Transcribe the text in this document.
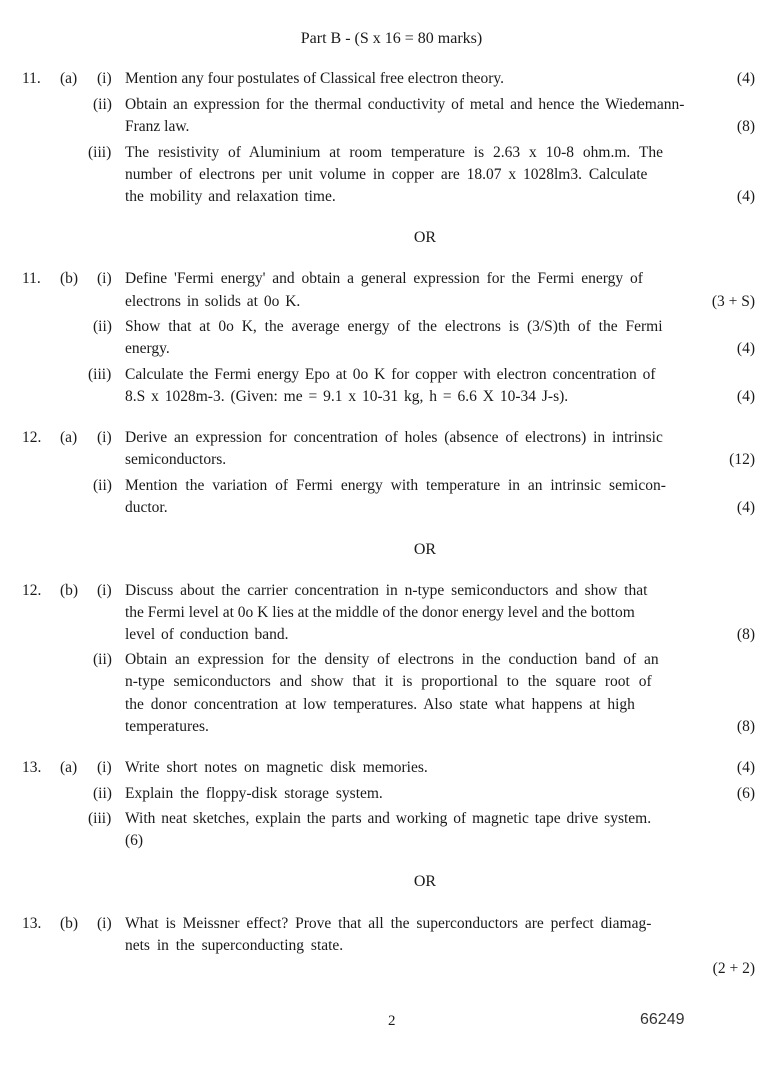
Part B - (S x 16 = 80 marks)
11. (a) (i) Mention any four postulates of Classical free electron theory.	(4)
(ii) Obtain an expression for the thermal conductivity of metal and hence the Wiedemann-
Franz law.	(8)
(iii) The resistivity of Aluminium at room temperature is 2.63 x 10-8 ohm.m. The
number of electrons per unit volume in copper are 18.07 x 1028lm3. Calculate
the mobility and relaxation time.	(4)
OR
11. (b) (i) Define 'Fermi energy' and obtain a general expression for the Fermi energy of
electrons in solids at 0o K.	(3 + S)
(ii) Show that at 0o K, the average energy of the electrons is (3/S)th of the Fermi
energy.	(4)
(iii) Calculate the Fermi energy Epo at 0o K for copper with electron concentration of
8.S x 1028m-3. (Given: me = 9.1 x 10-31 kg, h = 6.6 X 10-34 J-s).	(4)
12. (a) (i) Derive an expression for concentration of holes (absence of electrons) in intrinsic
semiconductors.	(12)
(ii) Mention the variation of Fermi energy with temperature in an intrinsic semicon-
ductor.	(4)
OR
12. (b) (i) Discuss about the carrier concentration in n-type semiconductors and show that
the Fermi level at 0o K lies at the middle of the donor energy level and the bottom
level of conduction band.	(8)
(ii) Obtain an expression for the density of electrons in the conduction band of an
n-type semiconductors and show that it is proportional to the square root of
the donor concentration at low temperatures. Also state what happens at high
temperatures.	(8)
13. (a) (i) Write short notes on magnetic disk memories.	(4)
(ii) Explain the floppy-disk storage system.	(6)
(iii) With neat sketches, explain the parts and working of magnetic tape drive system.
(6)
OR
13. (b) (i) What is Meissner effect? Prove that all the superconductors are perfect diamag-
nets in the superconducting state.
(2 + 2)
2	66249
